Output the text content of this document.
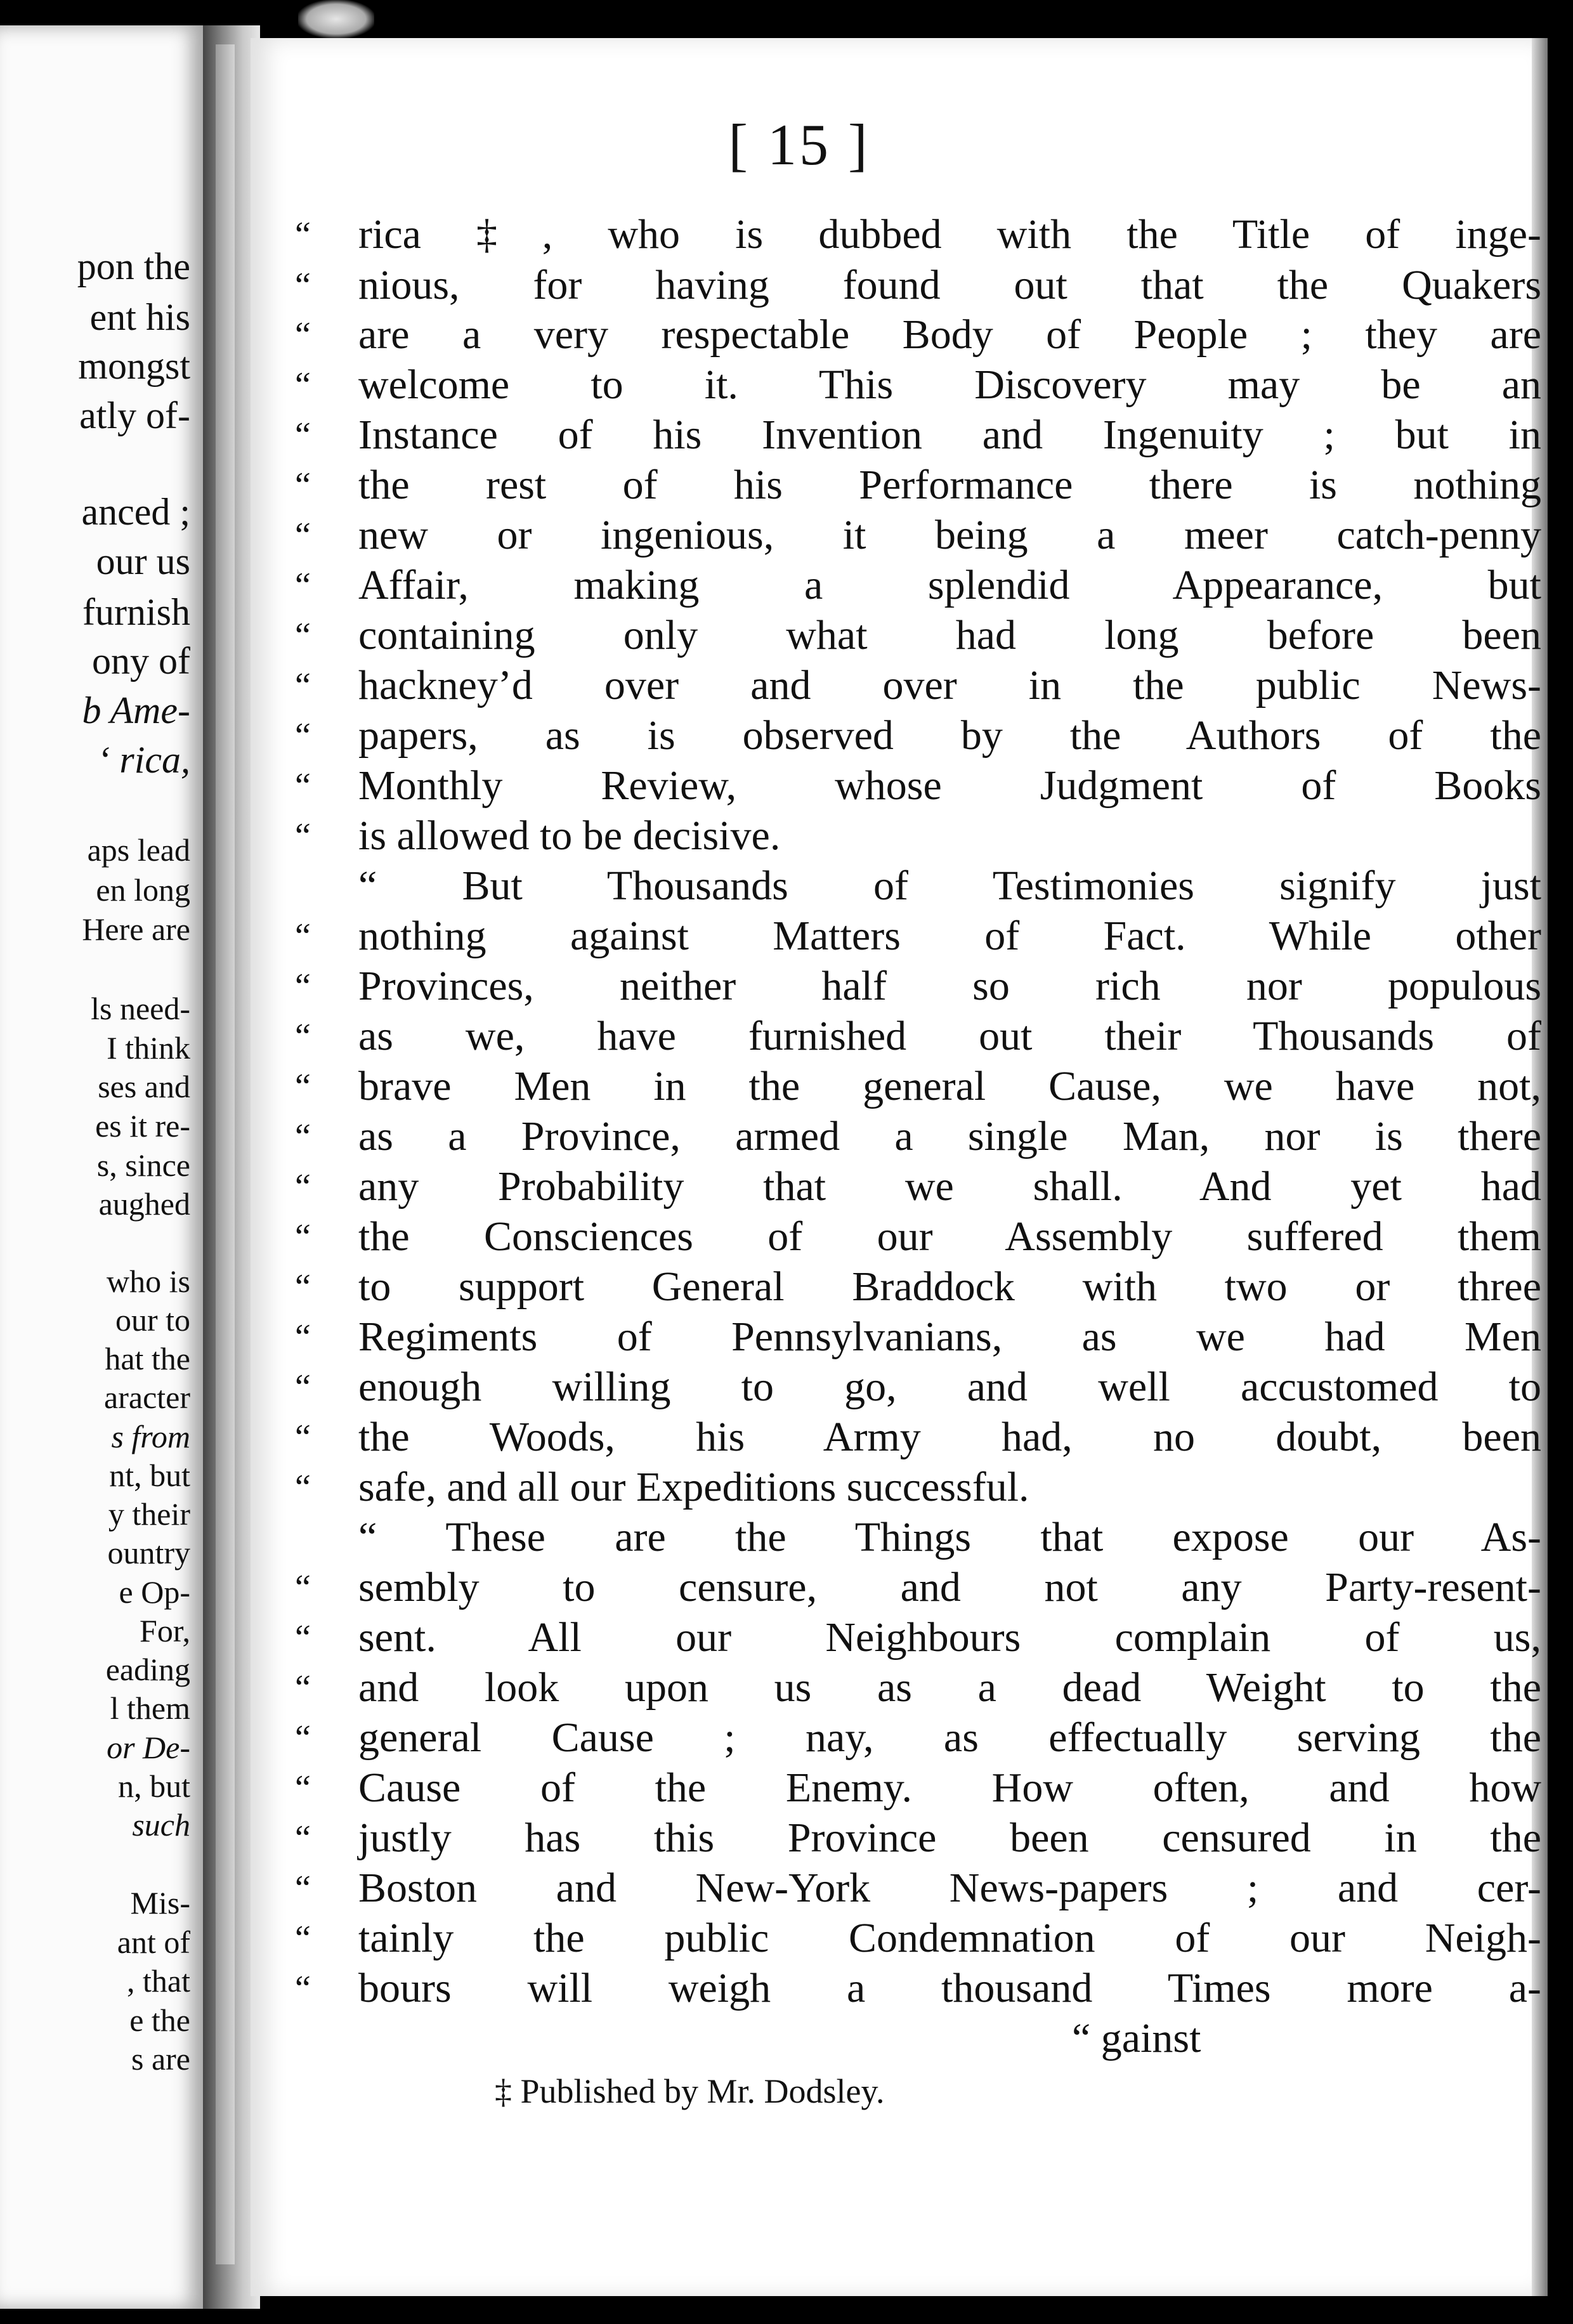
pon the
ent his
mongst
atly of-
anced ;
our us
furnish
ony of
b Ame-
‘ rica,
aps lead
en long
Here are
ls need-
I think
ses and
es it re-
s, since
aughed
who is
our to
hat the
aracter
s from
nt, but
y their
ountry
e Op-
For,
eading
l them
or De-
n, but
such
Mis-
ant of
, that
e the
s are
[ 15 ]
“	rica ‡, who is dubbed with the Title of inge-
“	nious, for having found out that the Quakers
“	are a very respectable Body of People ; they are
“	welcome to it. This Discovery may be an
“	Instance of his Invention and Ingenuity ; but in
“	the rest of his Performance there is nothing
“	new or ingenious, it being a meer catch-penny
“	Affair, making a splendid Appearance, but
“	containing only what had long before been
“	hackney’d over and over in the public News-
“	papers, as is observed by the Authors of the
“	Monthly Review, whose Judgment of Books
“	is allowed to be decisive.
“ But Thousands of Testimonies signify just
“	nothing against Matters of Fact. While other
“	Provinces, neither half so rich nor populous
“	as we, have furnished out their Thousands of
“	brave Men in the general Cause, we have not,
“	as a Province, armed a single Man, nor is there
“	any Probability that we shall. And yet had
“	the Consciences of our Assembly suffered them
“	to support General Braddock with two or three
“	Regiments of Pennsylvanians, as we had Men
“	enough willing to go, and well accustomed to
“	the Woods, his Army had, no doubt, been
“	safe, and all our Expeditions successful.
“ These are the Things that expose our As-
“	sembly to censure, and not any Party-resent-
“	sent. All our Neighbours complain of us,
“	and look upon us as a dead Weight to the
“	general Cause ; nay, as effectually serving the
“	Cause of the Enemy. How often, and how
“	justly has this Province been censured in the
“	Boston and New-York News-papers ; and cer-
“	tainly the public Condemnation of our Neigh-
“	bours will weigh a thousand Times more a-
“ gainst
‡ Published by Mr. Dodsley.
